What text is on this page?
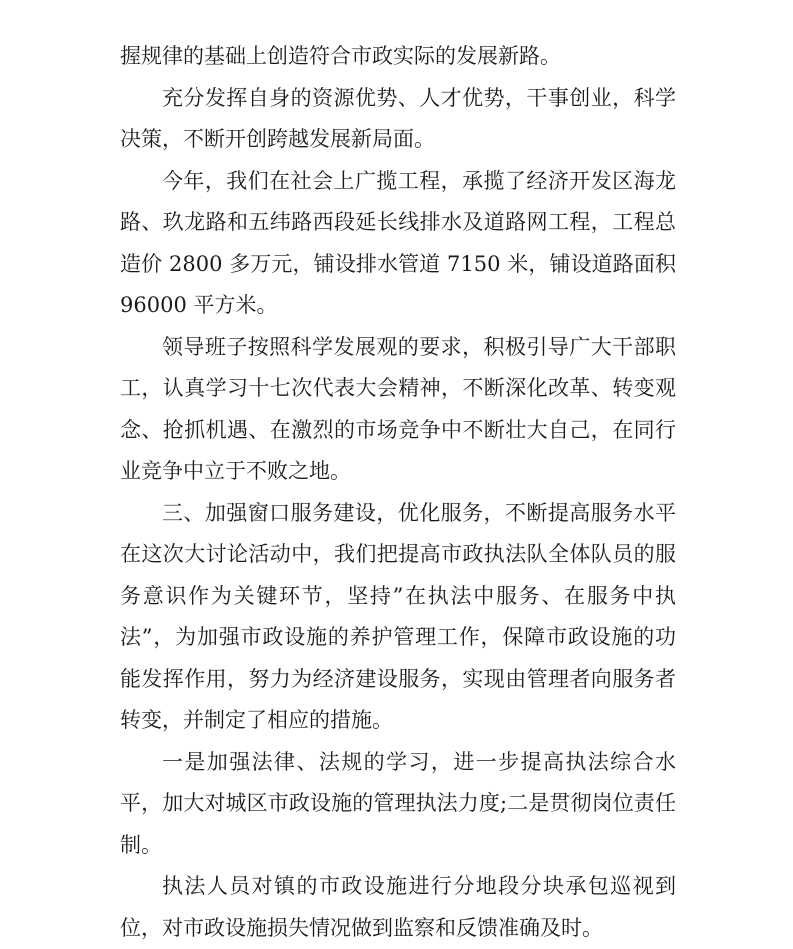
握规律的基础上创造符合市政实际的发展新路。

充分发挥自身的资源优势、人才优势，干事创业，科学决策，不断开创跨越发展新局面。

今年，我们在社会上广揽工程，承揽了经济开发区海龙路、玖龙路和五纬路西段延长线排水及道路网工程，工程总造价 2800 多万元，铺设排水管道 7150 米，铺设道路面积 96000 平方米。

领导班子按照科学发展观的要求，积极引导广大干部职工，认真学习十七次代表大会精神，不断深化改革、转变观念、抢抓机遇、在激烈的市场竞争中不断壮大自己，在同行业竞争中立于不败之地。

三、加强窗口服务建设，优化服务，不断提高服务水平在这次大讨论活动中，我们把提高市政执法队全体队员的服务意识作为关键环节，坚持”在执法中服务、在服务中执法”，为加强市政设施的养护管理工作，保障市政设施的功能发挥作用，努力为经济建设服务，实现由管理者向服务者转变，并制定了相应的措施。

一是加强法律、法规的学习，进一步提高执法综合水平，加大对城区市政设施的管理执法力度;二是贯彻岗位责任制。

执法人员对镇的市政设施进行分地段分块承包巡视到位，对市政设施损失情况做到监察和反馈准确及时。
